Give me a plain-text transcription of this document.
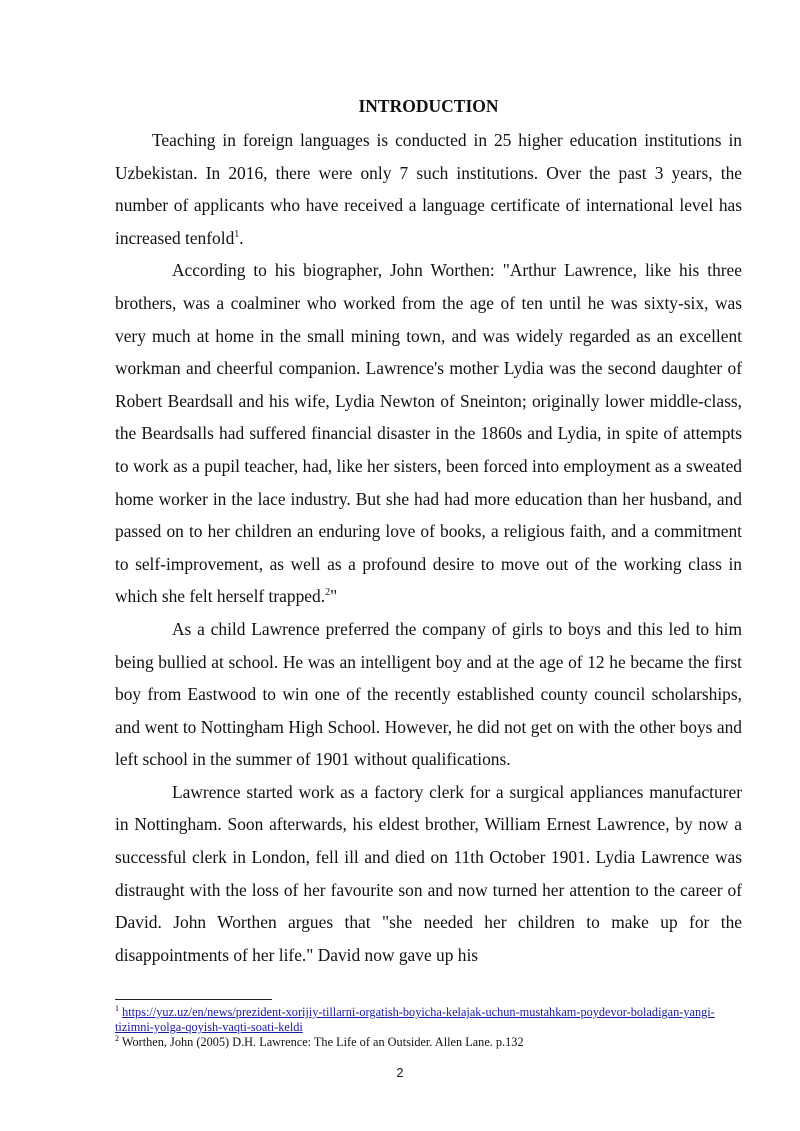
INTRODUCTION

Teaching in foreign languages is conducted in 25 higher education institutions in Uzbekistan. In 2016, there were only 7 such institutions. Over the past 3 years, the number of applicants who have received a language certificate of international level has increased tenfold$^1$.

According to his biographer, John Worthen: "Arthur Lawrence, like his three brothers, was a coalminer who worked from the age of ten until he was sixty-six, was very much at home in the small mining town, and was widely regarded as an excellent workman and cheerful companion. Lawrence's mother Lydia was the second daughter of Robert Beardsall and his wife, Lydia Newton of Sneinton; originally lower middle-class, the Beardsalls had suffered financial disaster in the 1860s and Lydia, in spite of attempts to work as a pupil teacher, had, like her sisters, been forced into employment as a sweated home worker in the lace industry. But she had had more education than her husband, and passed on to her children an enduring love of books, a religious faith, and a commitment to self-improvement, as well as a profound desire to move out of the working class in which she felt herself trapped.$^2$"

As a child Lawrence preferred the company of girls to boys and this led to him being bullied at school. He was an intelligent boy and at the age of 12 he became the first boy from Eastwood to win one of the recently established county council scholarships, and went to Nottingham High School. However, he did not get on with the other boys and left school in the summer of 1901 without qualifications.

Lawrence started work as a factory clerk for a surgical appliances manufacturer in Nottingham. Soon afterwards, his eldest brother, William Ernest Lawrence, by now a successful clerk in London, fell ill and died on 11th October 1901. Lydia Lawrence was distraught with the loss of her favourite son and now turned her attention to the career of David. John Worthen argues that "she needed her children to make up for the disappointments of her life." David now gave up his

$^1$ https://yuz.uz/en/news/prezident-xorijiy-tillarni-orgatish-boyicha-kelajak-uchun-mustahkam-poydevor-boladigan-yangi-tizimni-yolga-qoyish-vaqti-soati-keldi

$^2$ Worthen, John (2005) D.H. Lawrence: The Life of an Outsider. Allen Lane. p.132

2
